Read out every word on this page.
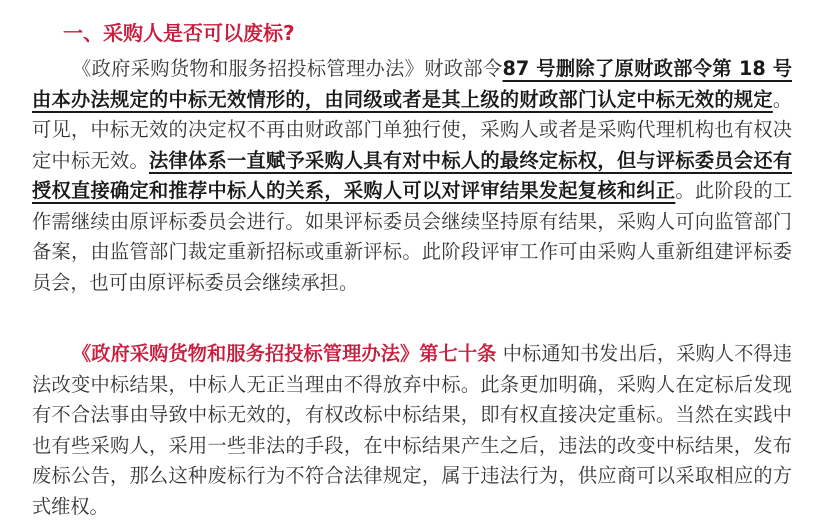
一、采购人是否可以废标?

《政府采购货物和服务招投标管理办法》财政部令87 号删除了原财政部令第 18 号由本办法规定的中标无效情形的，由同级或者是其上级的财政部门认定中标无效的规定。可见，中标无效的决定权不再由财政部门单独行使，采购人或者是采购代理机构也有权决定中标无效。法律体系一直赋予采购人具有对中标人的最终定标权，但与评标委员会还有授权直接确定和推荐中标人的关系，采购人可以对评审结果发起复核和纠正。此阶段的工作需继续由原评标委员会进行。如果评标委员会继续坚持原有结果，采购人可向监管部门备案，由监管部门裁定重新招标或重新评标。此阶段评审工作可由采购人重新组建评标委员会，也可由原评标委员会继续承担。

《政府采购货物和服务招投标管理办法》第七十条 中标通知书发出后，采购人不得违法改变中标结果，中标人无正当理由不得放弃中标。此条更加明确，采购人在定标后发现有不合法事由导致中标无效的，有权改标中标结果，即有权直接决定重标。当然在实践中也有些采购人，采用一些非法的手段，在中标结果产生之后，违法的改变中标结果，发布废标公告，那么这种废标行为不符合法律规定，属于违法行为，供应商可以采取相应的方式维权。
